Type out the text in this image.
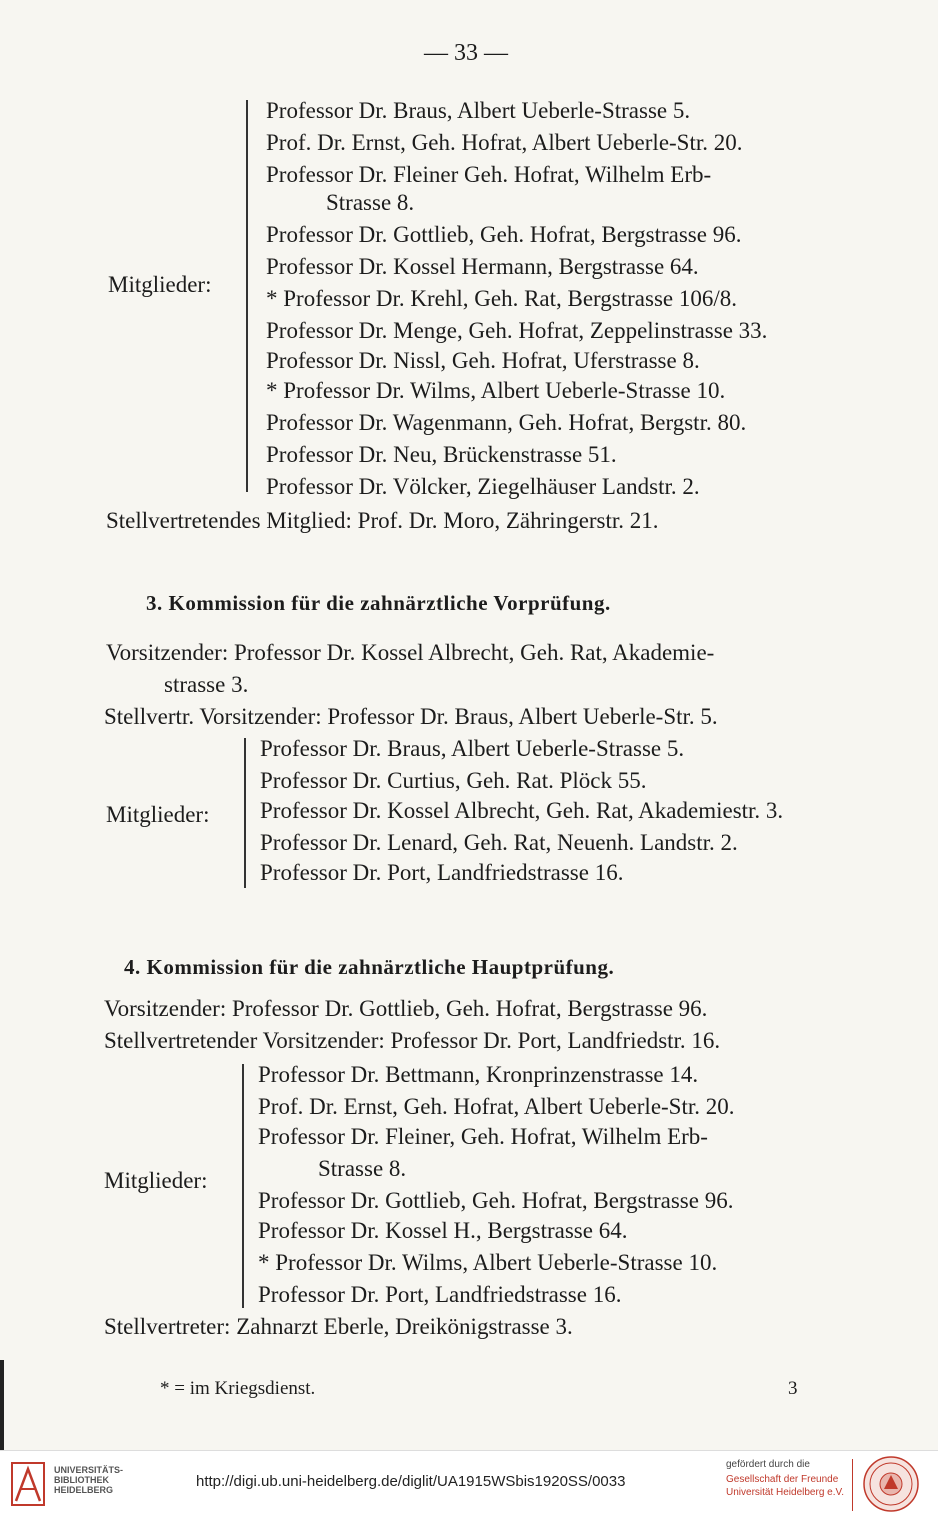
— 33 —
Mitglieder:
Professor Dr. Braus, Albert Ueberle-Strasse 5.
Prof. Dr. Ernst, Geh. Hofrat, Albert Ueberle-Str. 20.
Professor Dr. Fleiner Geh. Hofrat, Wilhelm Erb-
Strasse 8.
Professor Dr. Gottlieb, Geh. Hofrat, Bergstrasse 96.
Professor Dr. Kossel Hermann, Bergstrasse 64.
* Professor Dr. Krehl, Geh. Rat, Bergstrasse 106/8.
Professor Dr. Menge, Geh. Hofrat, Zeppelinstrasse 33.
Professor Dr. Nissl, Geh. Hofrat, Uferstrasse 8.
* Professor Dr. Wilms, Albert Ueberle-Strasse 10.
Professor Dr. Wagenmann, Geh. Hofrat, Bergstr. 80.
Professor Dr. Neu, Brückenstrasse 51.
Professor Dr. Völcker, Ziegelhäuser Landstr. 2.
Stellvertretendes Mitglied: Prof. Dr. Moro, Zähringerstr. 21.
3. Kommission für die zahnärztliche Vorprüfung.
Vorsitzender: Professor Dr. Kossel Albrecht, Geh. Rat, Akademie-
strasse 3.
Stellvertr. Vorsitzender: Professor Dr. Braus, Albert Ueberle-Str. 5.
Mitglieder:
Professor Dr. Braus, Albert Ueberle-Strasse 5.
Professor Dr. Curtius, Geh. Rat. Plöck 55.
Professor Dr. Kossel Albrecht, Geh. Rat, Akademiestr. 3.
Professor Dr. Lenard, Geh. Rat, Neuenh. Landstr. 2.
Professor Dr. Port, Landfriedstrasse 16.
4. Kommission für die zahnärztliche Hauptprüfung.
Vorsitzender: Professor Dr. Gottlieb, Geh. Hofrat, Bergstrasse 96.
Stellvertretender Vorsitzender: Professor Dr. Port, Landfriedstr. 16.
Mitglieder:
Professor Dr. Bettmann, Kronprinzenstrasse 14.
Prof. Dr. Ernst, Geh. Hofrat, Albert Ueberle-Str. 20.
Professor Dr. Fleiner, Geh. Hofrat, Wilhelm Erb-
Strasse 8.
Professor Dr. Gottlieb, Geh. Hofrat, Bergstrasse 96.
Professor Dr. Kossel H., Bergstrasse 64.
* Professor Dr. Wilms, Albert Ueberle-Strasse 10.
Professor Dr. Port, Landfriedstrasse 16.
Stellvertreter: Zahnarzt Eberle, Dreikönigstrasse 3.
* = im Kriegsdienst.	3
UNIVERSITÄTS-
BIBLIOTHEK
HEIDELBERG	http://digi.ub.uni-heidelberg.de/diglit/UA1915WSbis1920SS/0033
gefördert durch die
Gesellschaft der Freunde
Universität Heidelberg e.V.
